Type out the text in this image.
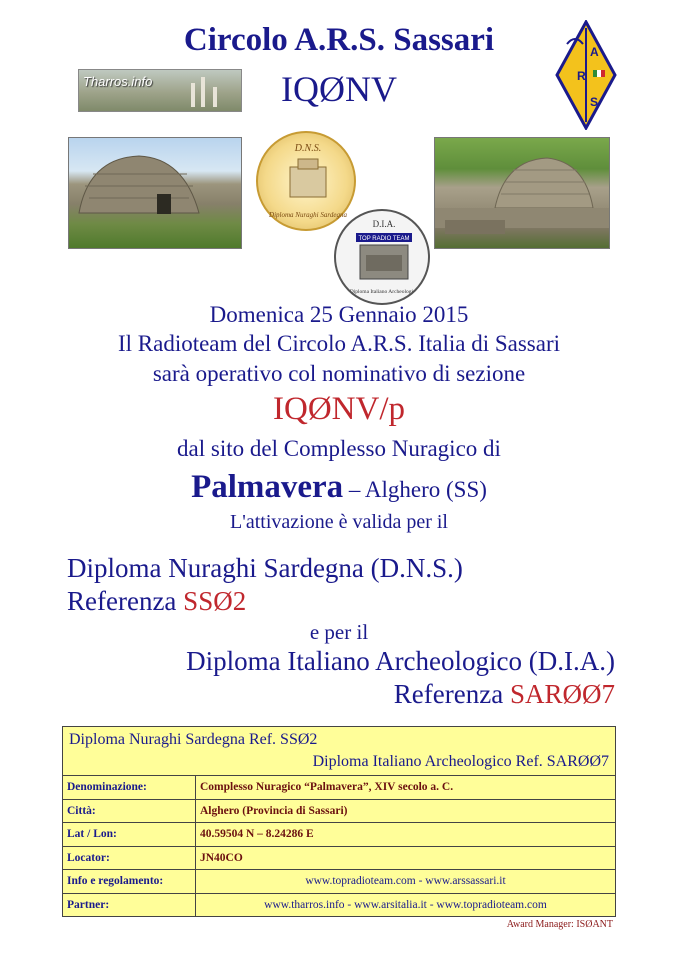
Circolo A.R.S. Sassari
IQØNV
Tharros.info
A
R
S
D.N.S.
Diploma Nuraghi Sardegna
D.I.A.
TOP RADIO TEAM
Diploma Italiano Archeologico
Domenica 25 Gennaio 2015
Il Radioteam del Circolo A.R.S. Italia di Sassari
sarà operativo col nominativo di sezione
IQØNV/p
dal sito del Complesso Nuragico di
Palmavera – Alghero (SS)
L'attivazione è valida per il
Diploma Nuraghi Sardegna (D.N.S.)
Referenza SSØ2
e per il
Diploma Italiano Archeologico (D.I.A.)
Referenza SARØØ7
Diploma Nuraghi Sardegna Ref. SSØ2
Diploma Italiano Archeologico Ref. SARØØ7	

Denominazione:	Complesso Nuragico “Palmavera”, XIV secolo a. C.
Città:	Alghero (Provincia di Sassari)
Lat / Lon:	40.59504 N – 8.24286 E
Locator:	JN40CO
Info e regolamento:	www.topradioteam.com - www.arssassari.it
Partner:	www.tharros.info - www.arsitalia.it - www.topradioteam.com
Award Manager: ISØANT
